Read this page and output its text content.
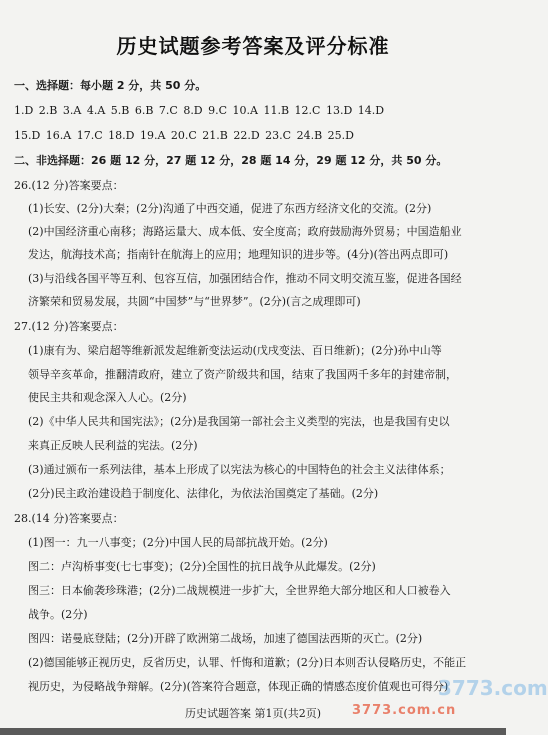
历史试题参考答案及评分标准
一、选择题：每小题 2 分，共 50 分。
1.D 2.B 3.A 4.A 5.B 6.B 7.C 8.D 9.C 10.A 11.B 12.C 13.D 14.D
15.D 16.A 17.C 18.D 19.A 20.C 21.B 22.D 23.C 24.B 25.D
二、非选择题：26 题 12 分，27 题 12 分，28 题 14 分，29 题 12 分，共 50 分。
26.(12 分)答案要点：
(1)长安、(2分)大秦；(2分)沟通了中西交通，促进了东西方经济文化的交流。(2分)
(2)中国经济重心南移；海路运量大、成本低、安全度高；政府鼓励海外贸易；中国造船业
发达，航海技术高；指南针在航海上的应用；地理知识的进步等。(4分)(答出两点即可)
(3)与沿线各国平等互利、包容互信，加强团结合作，推动不同文明交流互鉴，促进各国经
济繁荣和贸易发展，共圆“中国梦”与“世界梦”。(2分)(言之成理即可)
27.(12 分)答案要点：
(1)康有为、梁启超等维新派发起维新变法运动(戊戌变法、百日维新)；(2分)孙中山等
领导辛亥革命，推翻清政府，建立了资产阶级共和国，结束了我国两千多年的封建帝制，
使民主共和观念深入人心。(2分)
(2)《中华人民共和国宪法》；(2分)是我国第一部社会主义类型的宪法，也是我国有史以
来真正反映人民利益的宪法。(2分)
(3)通过颁布一系列法律，基本上形成了以宪法为核心的中国特色的社会主义法律体系；
(2分)民主政治建设趋于制度化、法律化，为依法治国奠定了基础。(2分)
28.(14 分)答案要点：
(1)图一：九一八事变；(2分)中国人民的局部抗战开始。(2分)
图二：卢沟桥事变(七七事变)；(2分)全国性的抗日战争从此爆发。(2分)
图三：日本偷袭珍珠港；(2分)二战规模进一步扩大，全世界绝大部分地区和人口被卷入
战争。(2分)
图四：诺曼底登陆；(2分)开辟了欧洲第二战场，加速了德国法西斯的灭亡。(2分)
(2)德国能够正视历史，反省历史，认罪、忏悔和道歉；(2分)日本则否认侵略历史，不能正
视历史，为侵略战争辩解。(2分)(答案符合题意，体现正确的情感态度价值观也可得分)
历史试题答案 第1页(共2页)
3773.com
3773.com.cn
